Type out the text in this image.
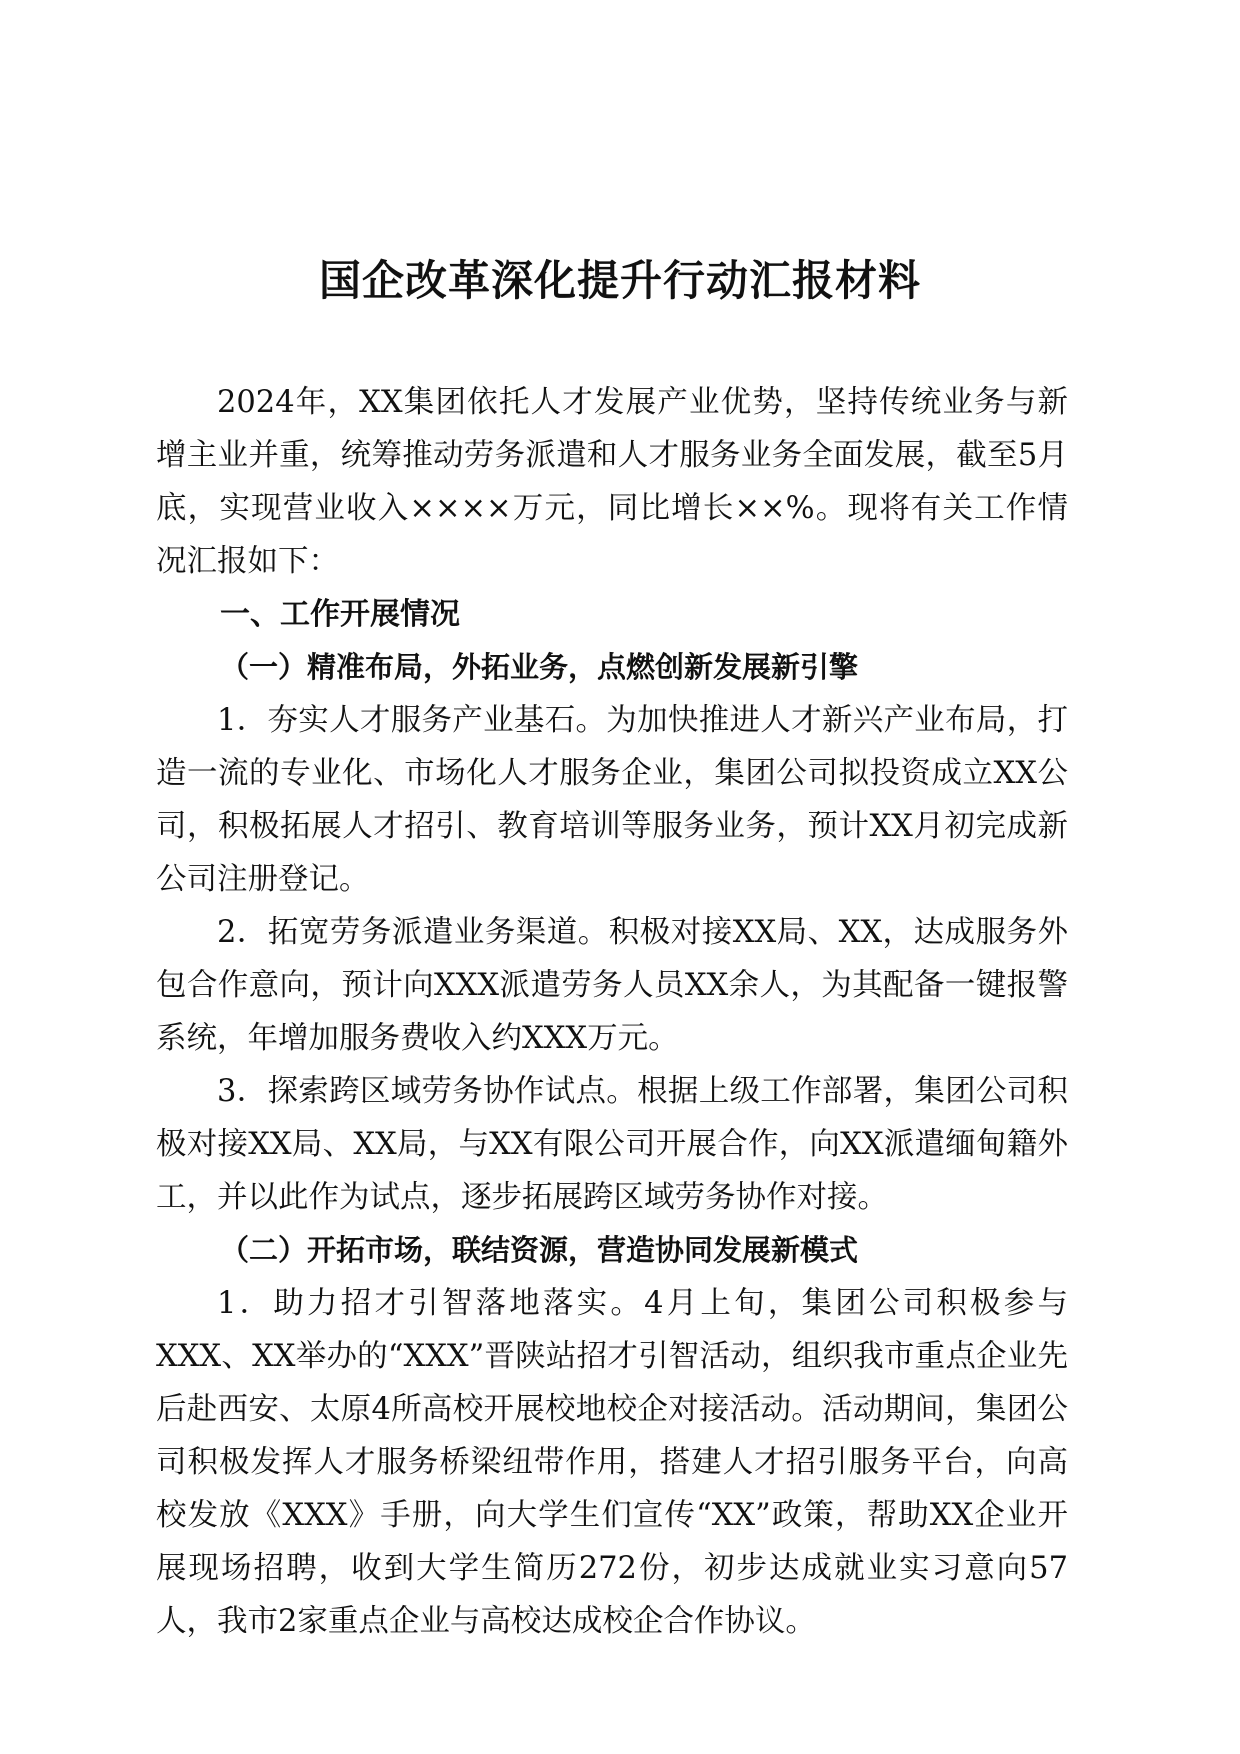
国企改革深化提升行动汇报材料

2024年，XX集团依托人才发展产业优势，坚持传统业务与新增主业并重，统筹推动劳务派遣和人才服务业务全面发展，截至5月底，实现营业收入××××万元，同比增长××%。现将有关工作情况汇报如下：

一、工作开展情况
（一）精准布局，外拓业务，点燃创新发展新引擎

1．夯实人才服务产业基石。为加快推进人才新兴产业布局，打造一流的专业化、市场化人才服务企业，集团公司拟投资成立XX公司，积极拓展人才招引、教育培训等服务业务，预计XX月初完成新公司注册登记。

2．拓宽劳务派遣业务渠道。积极对接XX局、XX，达成服务外包合作意向，预计向XXX派遣劳务人员XX余人，为其配备一键报警系统，年增加服务费收入约XXX万元。

3．探索跨区域劳务协作试点。根据上级工作部署，集团公司积极对接XX局、XX局，与XX有限公司开展合作，向XX派遣缅甸籍外工，并以此作为试点，逐步拓展跨区域劳务协作对接。

（二）开拓市场，联结资源，营造协同发展新模式

1．助力招才引智落地落实。4月上旬，集团公司积极参与XXX、XX举办的“XXX”晋陕站招才引智活动，组织我市重点企业先后赴西安、太原4所高校开展校地校企对接活动。活动期间，集团公司积极发挥人才服务桥梁纽带作用，搭建人才招引服务平台，向高校发放《XXX》手册，向大学生们宣传“XX”政策，帮助XX企业开展现场招聘，收到大学生简历272份，初步达成就业实习意向57人，我市2家重点企业与高校达成校企合作协议。
